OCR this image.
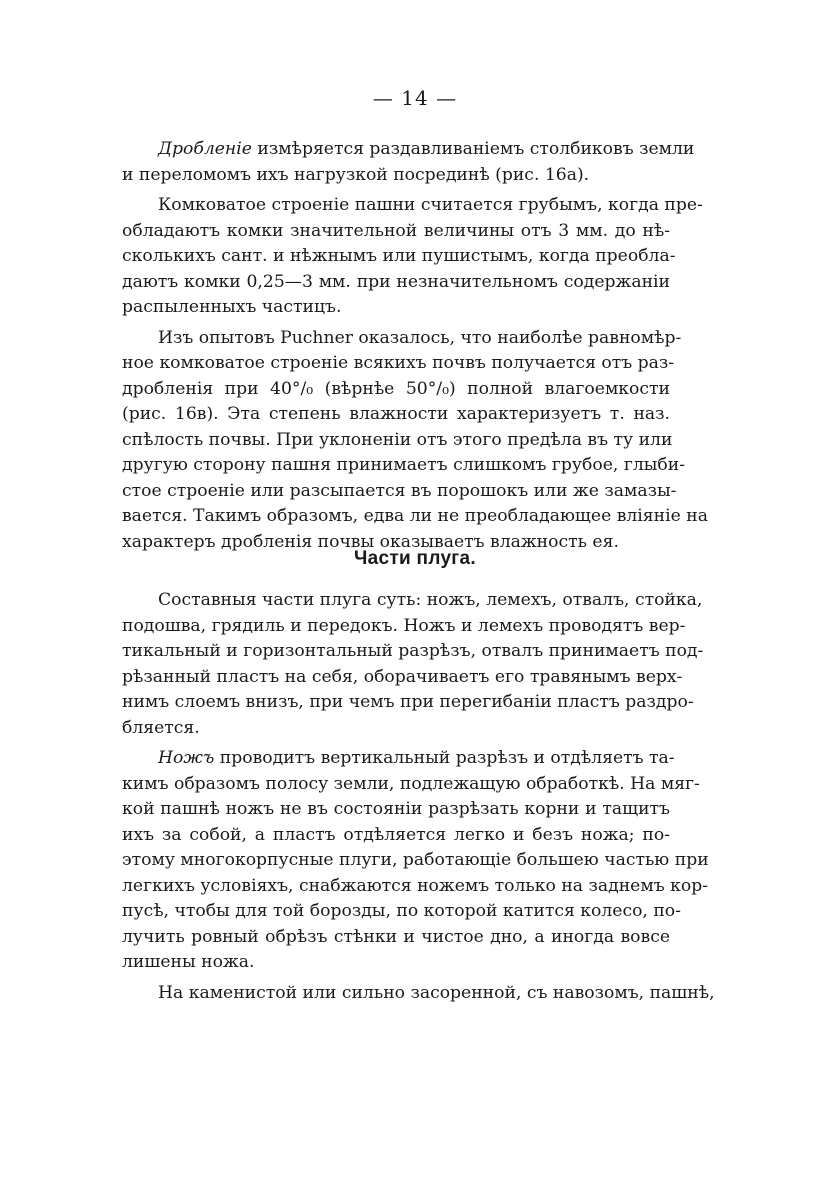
— 14 —
Дробленіе измѣряется раздавливаніемъ столбиковъ земли
и переломомъ ихъ нагрузкой посрединѣ (рис. 16а).
Комковатое строеніе пашни считается грубымъ, когда пре-
обладаютъ комки значительной величины отъ 3 мм. до нѣ-
сколькихъ сант. и нѣжнымъ или пушистымъ, когда преобла-
даютъ комки 0,25—3 мм. при незначительномъ содержаніи
распыленныхъ частицъ.
Изъ опытовъ Puchner оказалось, что наиболѣе равномѣр-
ное комковатое строеніе всякихъ почвъ получается отъ раз-
дробленія при 40°/₀ (вѣрнѣе 50°/₀) полной влагоемкости
(рис. 16в). Эта степень влажности характеризуетъ т. наз.
спѣлость почвы. При уклоненіи отъ этого предѣла въ ту или
другую сторону пашня принимаетъ слишкомъ грубое, глыби-
стое строеніе или разсыпается въ порошокъ или же замазы-
вается. Такимъ образомъ, едва ли не преобладающее вліяніе на
характеръ дробленія почвы оказываетъ влажность ея.
Части плуга.
Составныя части плуга суть: ножъ, лемехъ, отвалъ, стойка,
подошва, грядиль и передокъ. Ножъ и лемехъ проводятъ вер-
тикальный и горизонтальный разрѣзъ, отвалъ принимаетъ под-
рѣзанный пластъ на себя, оборачиваетъ его травянымъ верх-
нимъ слоемъ внизъ, при чемъ при перегибаніи пластъ раздро-
бляется.
Ножъ проводитъ вертикальный разрѣзъ и отдѣляетъ та-
кимъ образомъ полосу земли, подлежащую обработкѣ. На мяг-
кой пашнѣ ножъ не въ состояніи разрѣзать корни и тащитъ
ихъ за собой, а пластъ отдѣляется легко и безъ ножа; по-
этому многокорпусные плуги, работающіе большею частью при
легкихъ условіяхъ, снабжаются ножемъ только на заднемъ кор-
пусѣ, чтобы для той борозды, по которой катится колесо, по-
лучить ровный обрѣзъ стѣнки и чистое дно, а иногда вовсе
лишены ножа.
На каменистой или сильно засоренной, съ навозомъ, пашнѣ,
